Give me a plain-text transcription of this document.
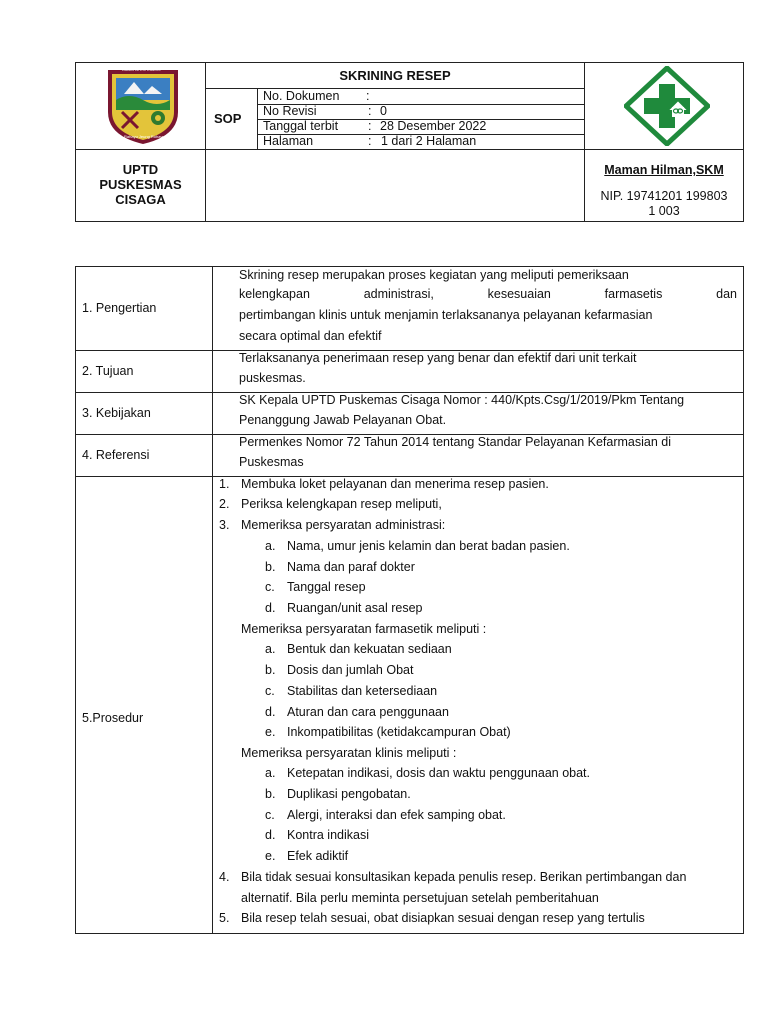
KABUPATEN CIAMIS
Rahayu Jeung Rohayu
SKRINING RESEP
SOP
No. Dokumen :
No Revisi	: 0
Tanggal terbit : 28 Desember 2022
Halaman	: 1 dari 2 Halaman
UPTD
PUSKESMAS
CISAGA
Maman Hilman,SKM
NIP. 19741201 199803
1 003
1. Pengertian
2. Tujuan
3. Kebijakan
4. Referensi
5.Prosedur
Skrining resep merupakan proses kegiatan yang meliputi pemeriksaan
kelengkapan administrasi, kesesuaian farmasetis dan
pertimbangan klinis untuk menjamin terlaksananya pelayanan kefarmasian
secara optimal dan efektif
Terlaksananya penerimaan resep yang benar dan efektif dari unit terkait
puskesmas.
SK Kepala UPTD Puskemas Cisaga Nomor : 440/Kpts.Csg/1/2019/Pkm Tentang
Penanggung Jawab Pelayanan Obat.
Permenkes Nomor 72 Tahun 2014 tentang Standar Pelayanan Kefarmasian di
Puskesmas
1. Membuka loket pelayanan dan menerima resep pasien.
2. Periksa kelengkapan resep meliputi,
3. Memeriksa persyaratan administrasi:
a. Nama, umur jenis kelamin dan berat badan pasien.
b. Nama dan paraf dokter
c. Tanggal resep
d. Ruangan/unit asal resep
Memeriksa persyaratan farmasetik meliputi :
a. Bentuk dan kekuatan sediaan
b. Dosis dan jumlah Obat
c. Stabilitas dan ketersediaan
d. Aturan dan cara penggunaan
e. Inkompatibilitas (ketidakcampuran Obat)
Memeriksa persyaratan klinis meliputi :
a. Ketepatan indikasi, dosis dan waktu penggunaan obat.
b. Duplikasi pengobatan.
c. Alergi, interaksi dan efek samping obat.
d. Kontra indikasi
e. Efek adiktif
4. Bila tidak sesuai konsultasikan kepada penulis resep. Berikan pertimbangan dan
alternatif. Bila perlu meminta persetujuan setelah pemberitahuan
5. Bila resep telah sesuai, obat disiapkan sesuai dengan resep yang tertulis
